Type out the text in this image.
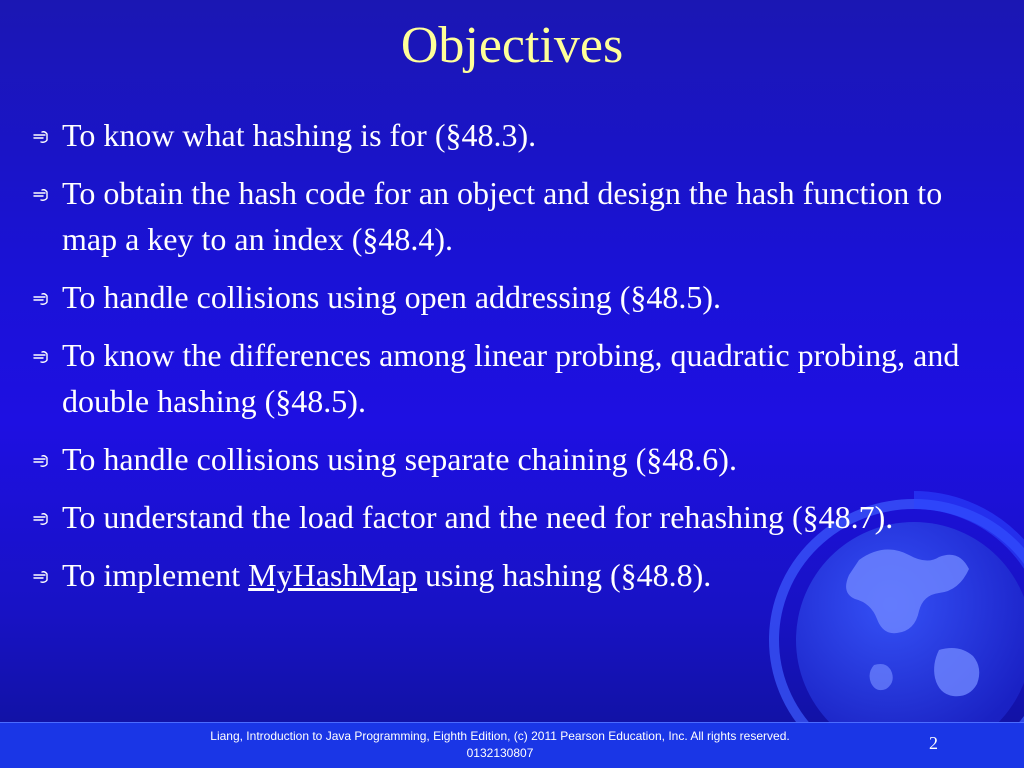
Objectives
To know what hashing is for (§48.3).
To obtain the hash code for an object and design the hash function to map a key to an index (§48.4).
To handle collisions using open addressing (§48.5).
To know the differences among linear probing, quadratic probing, and double hashing (§48.5).
To handle collisions using separate chaining (§48.6).
To understand the load factor and the need for rehashing (§48.7).
To implement MyHashMap using hashing (§48.8).
Liang, Introduction to Java Programming, Eighth Edition, (c) 2011 Pearson Education, Inc. All rights reserved. 0132130807	2
